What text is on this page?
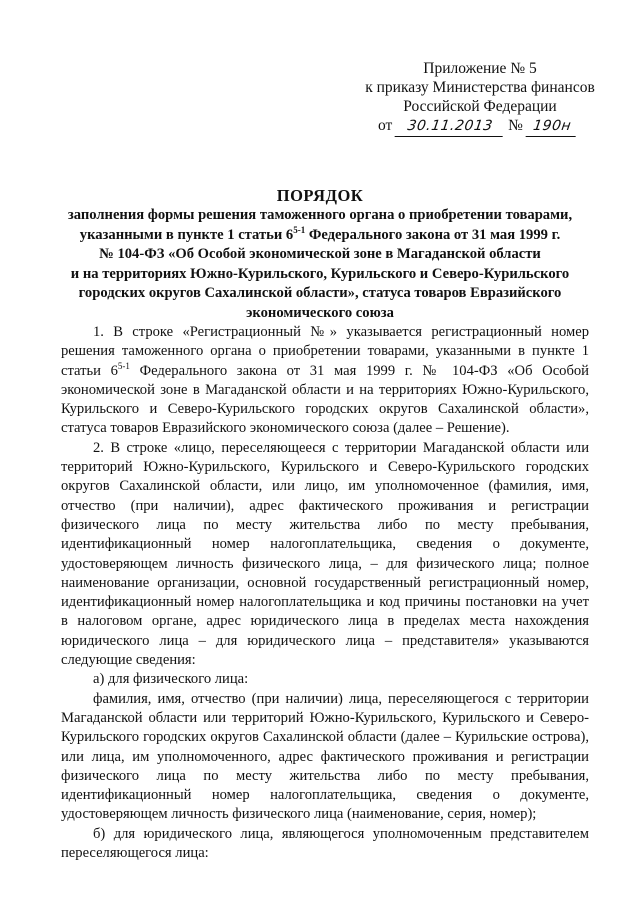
Приложение № 5
к приказу Министерства финансов
Российской Федерации
от 30.11.2013 № 190н
ПОРЯДОК
заполнения формы решения таможенного органа о приобретении товарами,
указанными в пункте 1 статьи 6$^{5-1}$ Федерального закона от 31 мая 1999 г.
№ 104-ФЗ «Об Особой экономической зоне в Магаданской области
и на территориях Южно-Курильского, Курильского и Северо-Курильского
городских округов Сахалинской области», статуса товаров Евразийского
экономического союза

1. В строке «Регистрационный №» указывается регистрационный номер решения таможенного органа о приобретении товарами, указанными в пункте 1 статьи 6$^{5-1}$ Федерального закона от 31 мая 1999 г. № 104-ФЗ «Об Особой экономической зоне в Магаданской области и на территориях Южно-Курильского, Курильского и Северо-Курильского городских округов Сахалинской области», статуса товаров Евразийского экономического союза (далее – Решение).

2. В строке «лицо, переселяющееся с территории Магаданской области или территорий Южно-Курильского, Курильского и Северо-Курильского городских округов Сахалинской области, или лицо, им уполномоченное (фамилия, имя, отчество (при наличии), адрес фактического проживания и регистрации физического лица по месту жительства либо по месту пребывания, идентификационный номер налогоплательщика, сведения о документе, удостоверяющем личность физического лица, – для физического лица; полное наименование организации, основной государственный регистрационный номер, идентификационный номер налогоплательщика и код причины постановки на учет в налоговом органе, адрес юридического лица в пределах места нахождения юридического лица – для юридического лица – представителя» указываются следующие сведения:

а) для физического лица:

фамилия, имя, отчество (при наличии) лица, переселяющегося с территории Магаданской области или территорий Южно-Курильского, Курильского и Северо-Курильского городских округов Сахалинской области (далее – Курильские острова), или лица, им уполномоченного, адрес фактического проживания и регистрации физического лица по месту жительства либо по месту пребывания, идентификационный номер налогоплательщика, сведения о документе, удостоверяющем личность физического лица (наименование, серия, номер);

б) для юридического лица, являющегося уполномоченным представителем переселяющегося лица:
